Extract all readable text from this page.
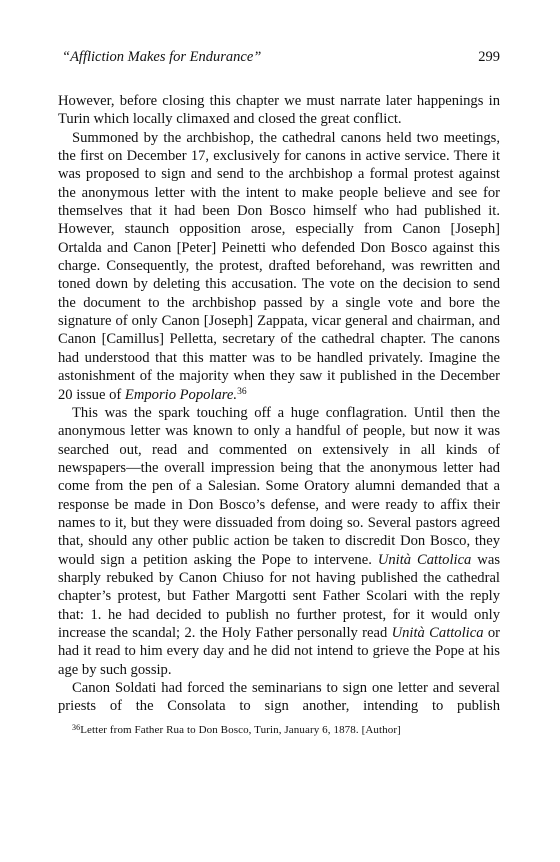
“Affliction Makes for Endurance”	299

However, before closing this chapter we must narrate later happenings in Turin which locally climaxed and closed the great conflict.

Summoned by the archbishop, the cathedral canons held two meetings, the first on December 17, exclusively for canons in active service. There it was proposed to sign and send to the archbishop a formal protest against the anonymous letter with the intent to make people believe and see for themselves that it had been Don Bosco himself who had published it. However, staunch opposition arose, especially from Canon [Joseph] Ortalda and Canon [Peter] Peinetti who defended Don Bosco against this charge. Consequently, the protest, drafted beforehand, was rewritten and toned down by deleting this accusation. The vote on the decision to send the document to the archbishop passed by a single vote and bore the signature of only Canon [Joseph] Zappata, vicar general and chairman, and Canon [Camillus] Pelletta, secretary of the cathedral chapter. The canons had understood that this matter was to be handled privately. Imagine the astonishment of the majority when they saw it published in the December 20 issue of Emporio Popolare.$^{36}$

This was the spark touching off a huge conflagration. Until then the anonymous letter was known to only a handful of people, but now it was searched out, read and commented on extensively in all kinds of newspapers—the overall impression being that the anonymous letter had come from the pen of a Salesian. Some Oratory alumni demanded that a response be made in Don Bosco’s defense, and were ready to affix their names to it, but they were dissuaded from doing so. Several pastors agreed that, should any other public action be taken to discredit Don Bosco, they would sign a petition asking the Pope to intervene. Unità Cattolica was sharply rebuked by Canon Chiuso for not having published the cathedral chapter’s protest, but Father Margotti sent Father Scolari with the reply that: 1. he had decided to publish no further protest, for it would only increase the scandal; 2. the Holy Father personally read Unità Cattolica or had it read to him every day and he did not intend to grieve the Pope at his age by such gossip.

Canon Soldati had forced the seminarians to sign one letter and several priests of the Consolata to sign another, intending to publish

$^{36}$Letter from Father Rua to Don Bosco, Turin, January 6, 1878. [Author]
